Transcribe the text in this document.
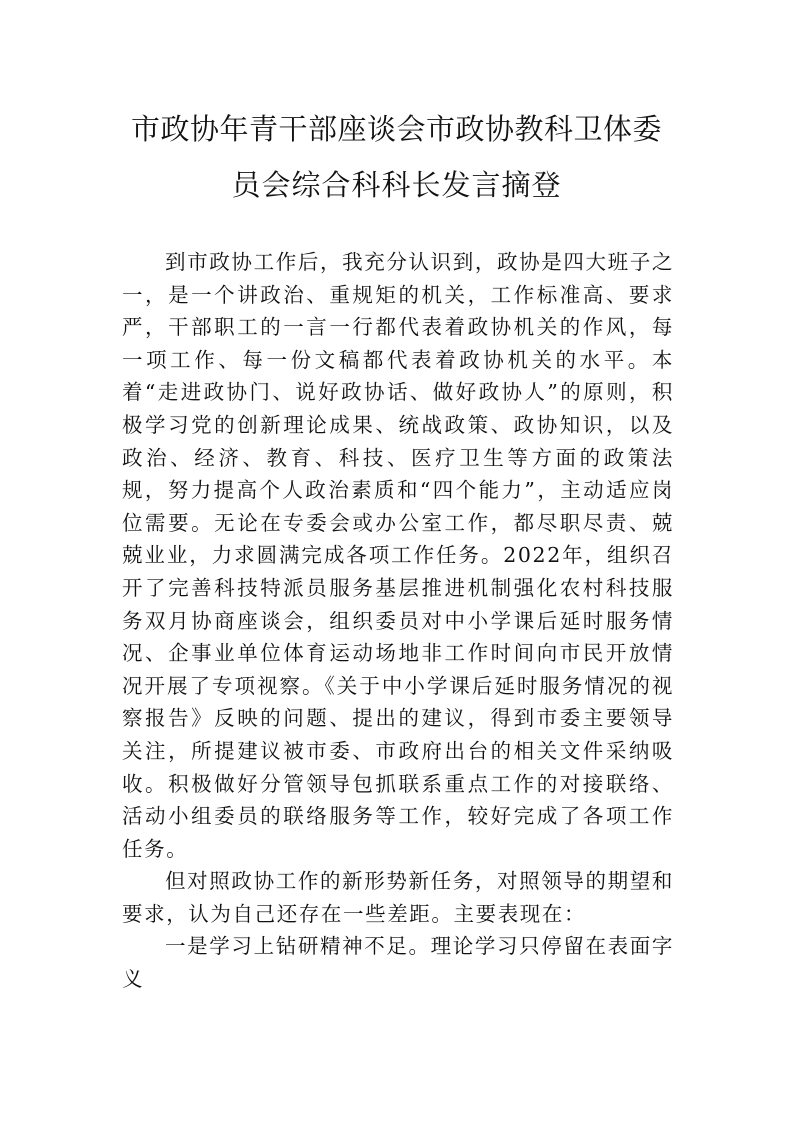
市政协年青干部座谈会市政协教科卫体委
员会综合科科长发言摘登

到市政协工作后，我充分认识到，政协是四大班子之一，是一个讲政治、重规矩的机关，工作标准高、要求严，干部职工的一言一行都代表着政协机关的作风，每一项工作、每一份文稿都代表着政协机关的水平。本着“走进政协门、说好政协话、做好政协人”的原则，积极学习党的创新理论成果、统战政策、政协知识，以及政治、经济、教育、科技、医疗卫生等方面的政策法规，努力提高个人政治素质和“四个能力”，主动适应岗位需要。无论在专委会或办公室工作，都尽职尽责、兢兢业业，力求圆满完成各项工作任务。2022年，组织召开了完善科技特派员服务基层推进机制强化农村科技服务双月协商座谈会，组织委员对中小学课后延时服务情况、企事业单位体育运动场地非工作时间向市民开放情况开展了专项视察。《关于中小学课后延时服务情况的视察报告》反映的问题、提出的建议，得到市委主要领导关注，所提建议被市委、市政府出台的相关文件采纳吸收。积极做好分管领导包抓联系重点工作的对接联络、活动小组委员的联络服务等工作，较好完成了各项工作任务。

但对照政协工作的新形势新任务，对照领导的期望和要求，认为自己还存在一些差距。主要表现在：

一是学习上钻研精神不足。理论学习只停留在表面字义
